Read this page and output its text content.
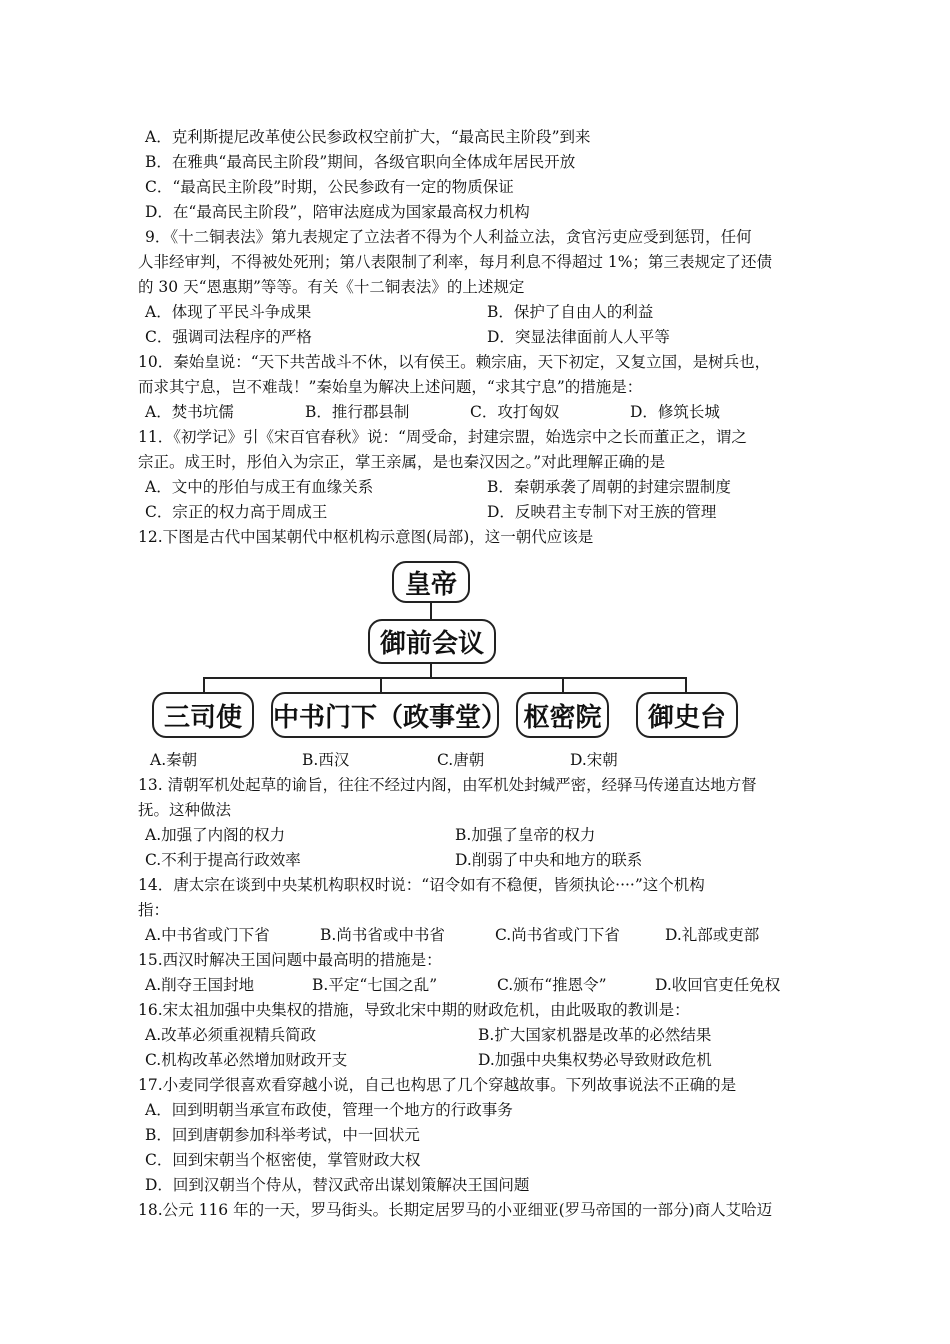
A．克利斯提尼改革使公民参政权空前扩大，“最高民主阶段”到来
B．在雅典“最高民主阶段”期间，各级官职向全体成年居民开放
C．“最高民主阶段”时期，公民参政有一定的物质保证
D．在“最高民主阶段”，陪审法庭成为国家最高权力机构
9．《十二铜表法》第九表规定了立法者不得为个人利益立法，贪官污吏应受到惩罚，任何
人非经审判，不得被处死刑；第八表限制了利率，每月利息不得超过 1%；第三表规定了还债
的 30 天“恩惠期”等等。有关《十二铜表法》的上述规定
A．体现了平民斗争成果	B．保护了自由人的利益
C．强调司法程序的严格	D．突显法律面前人人平等
10．秦始皇说：“天下共苦战斗不休，以有侯王。赖宗庙，天下初定，又复立国，是树兵也，
而求其宁息，岂不难哉！”秦始皇为解决上述问题，“求其宁息”的措施是：
A．焚书坑儒	B．推行郡县制	C．攻打匈奴	D．修筑长城
11．《初学记》引《宋百官春秋》说：“周受命，封建宗盟，始选宗中之长而董正之，谓之
宗正。成王时，彤伯入为宗正，掌王亲属，是也秦汉因之。”对此理解正确的是
A．文中的彤伯与成王有血缘关系	B．秦朝承袭了周朝的封建宗盟制度
C．宗正的权力高于周成王	D．反映君主专制下对王族的管理
12.下图是古代中国某朝代中枢机构示意图(局部)，这一朝代应该是
皇帝
御前会议
三司使	中书门下（政事堂） 枢密院	御史台
A.秦朝	B.西汉	C.唐朝	D.宋朝
13. 清朝军机处起草的谕旨，往往不经过内阁，由军机处封缄严密，经驿马传递直达地方督
抚。这种做法
A.加强了内阁的权力	B.加强了皇帝的权力
C.不利于提高行政效率	D.削弱了中央和地方的联系
14．唐太宗在谈到中央某机构职权时说：“诏令如有不稳便，皆须执论····”这个机构
指：
A.中书省或门下省	B.尚书省或中书省	C.尚书省或门下省	D.礼部或吏部
15.西汉时解决王国问题中最高明的措施是：
A.削夺王国封地	B.平定“七国之乱”	C.颁布“推恩令”	D.收回官吏任免权
16.宋太祖加强中央集权的措施，导致北宋中期的财政危机，由此吸取的教训是：
A.改革必须重视精兵简政	B.扩大国家机器是改革的必然结果
C.机构改革必然增加财政开支	D.加强中央集权势必导致财政危机
17.小麦同学很喜欢看穿越小说，自己也构思了几个穿越故事。下列故事说法不正确的是
A．回到明朝当承宣布政使，管理一个地方的行政事务
B．回到唐朝参加科举考试，中一回状元
C．回到宋朝当个枢密使，掌管财政大权
D．回到汉朝当个侍从，替汉武帝出谋划策解决王国问题
18.公元 116 年的一天，罗马街头。长期定居罗马的小亚细亚(罗马帝国的一部分)商人艾哈迈
